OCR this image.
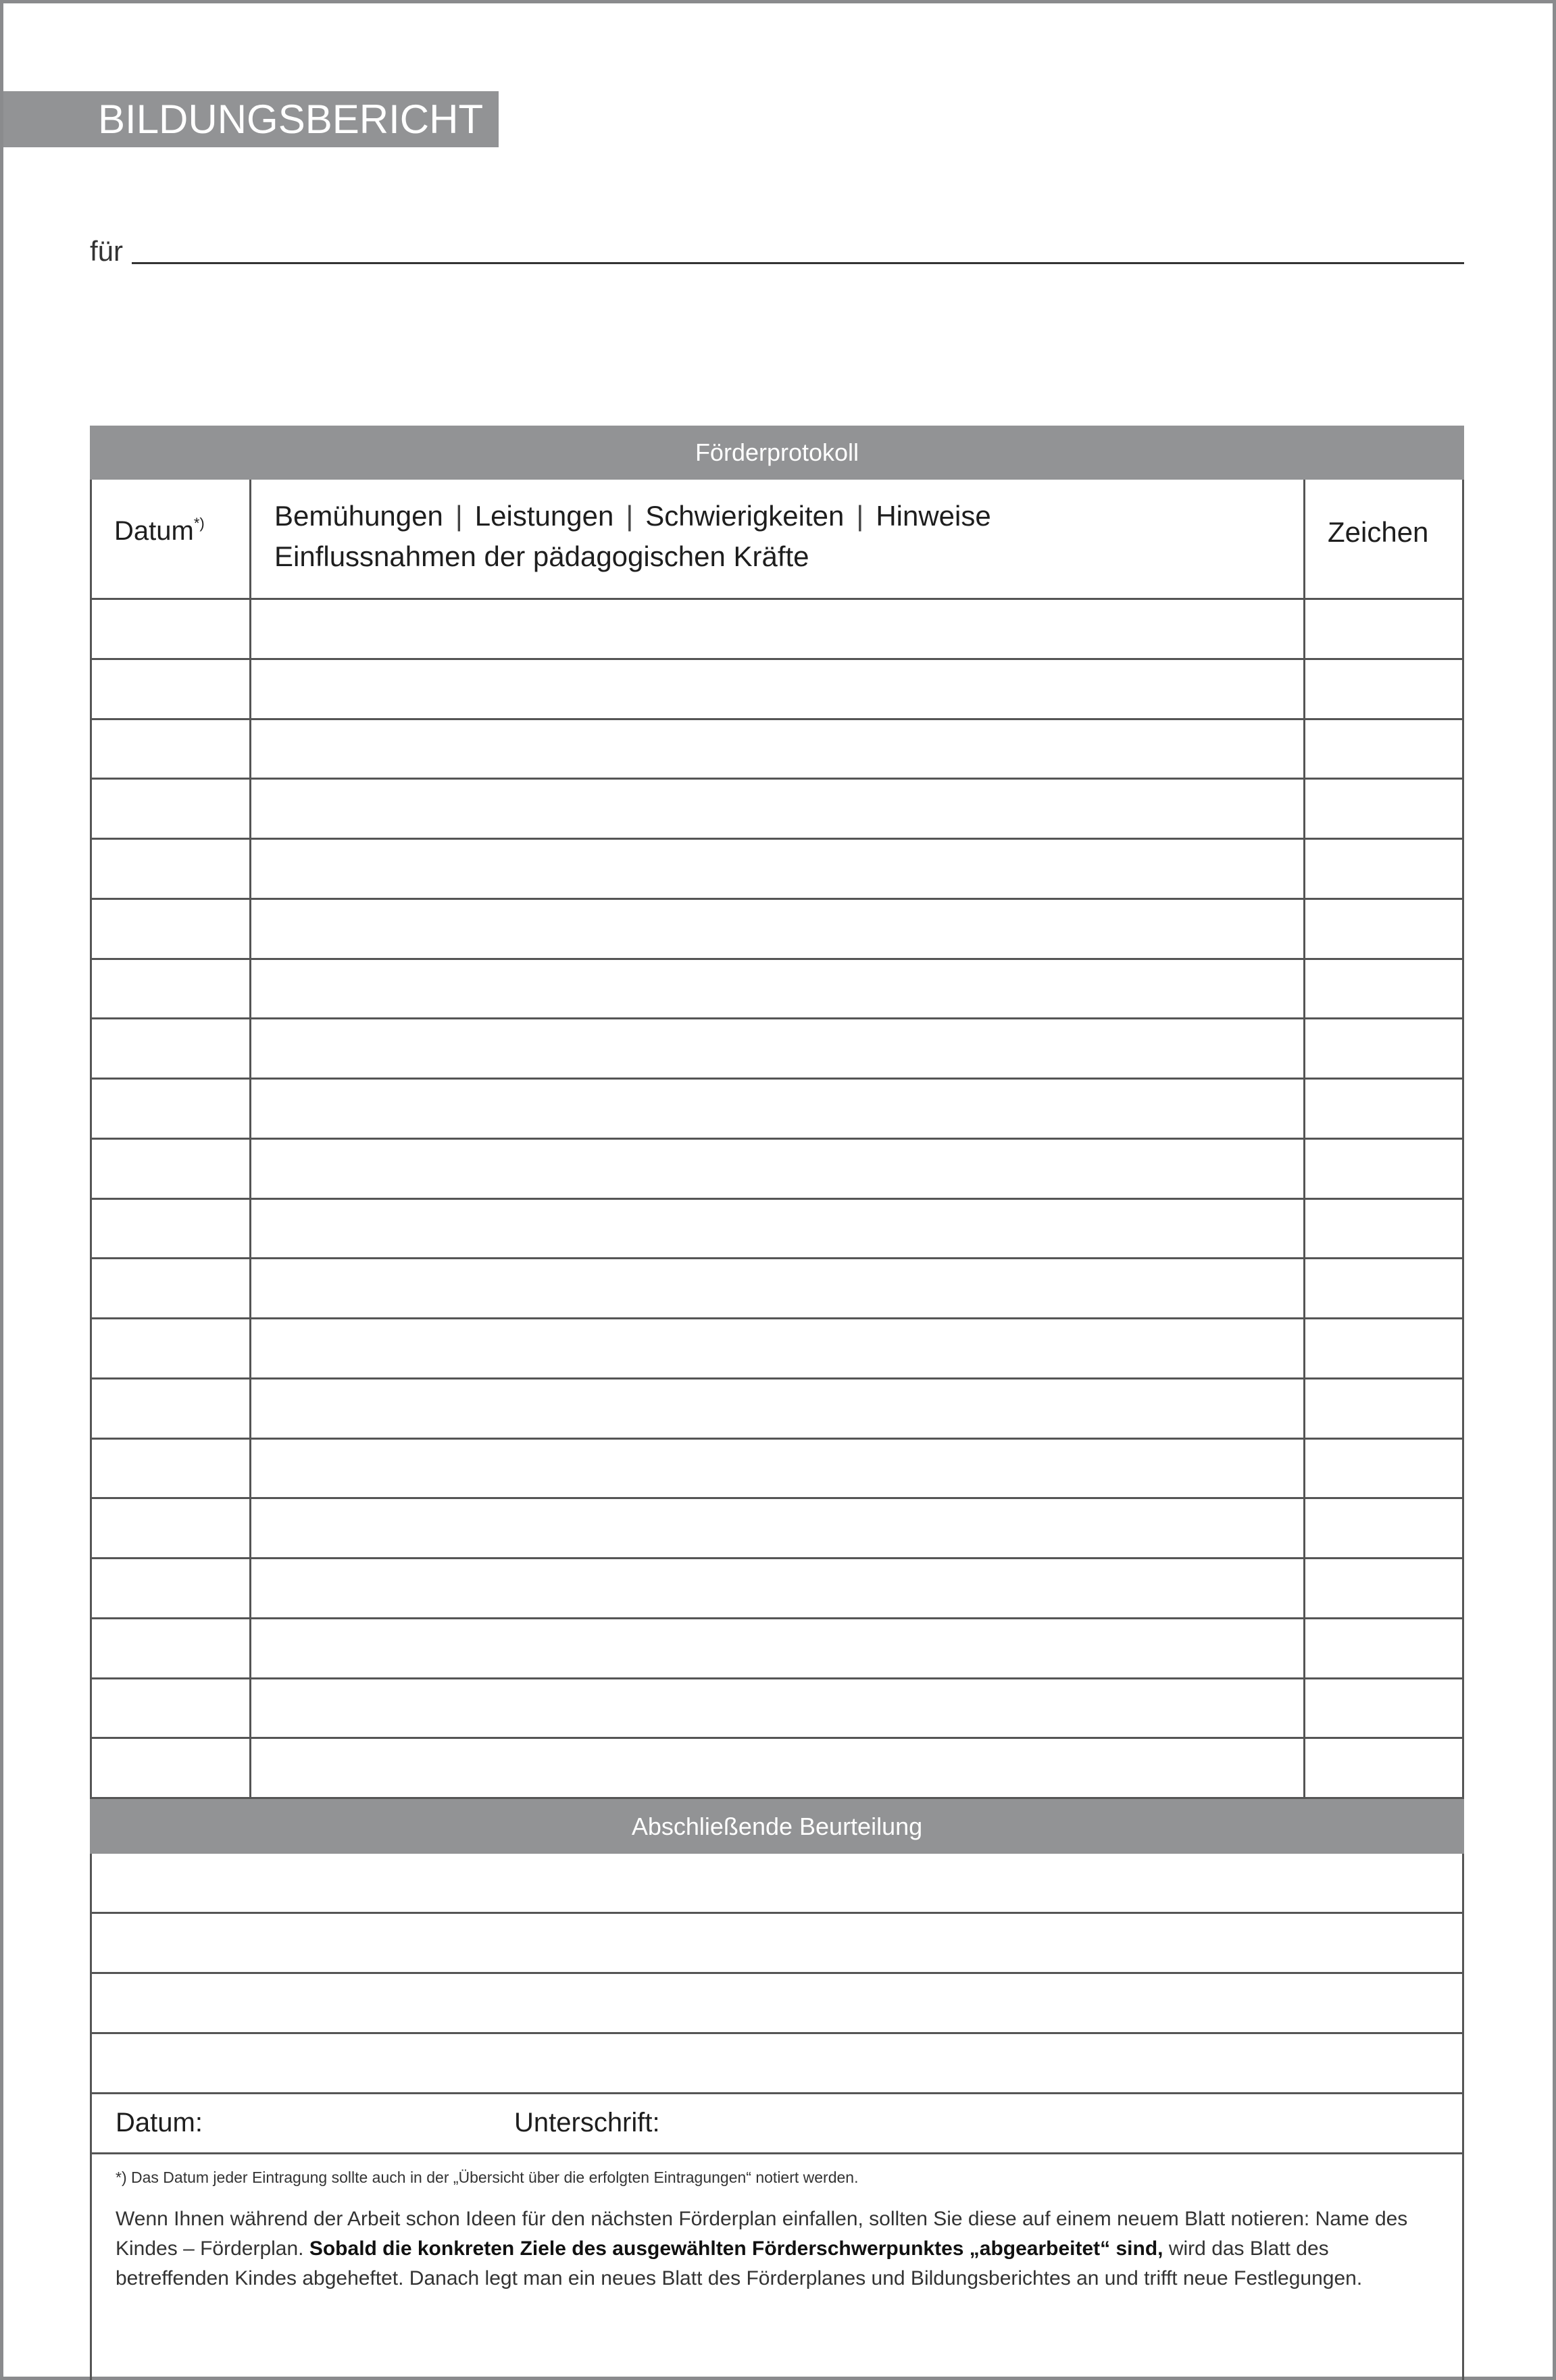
BILDUNGSBERICHT
für
Förderprotokoll
Datum*) Bemühungen | Leistungen | Schwierigkeiten | Hinweise
Einflussnahmen der pädagogischen Kräfte
Zeichen
Abschließende Beurteilung
Datum:	Unterschrift:
*) Das Datum jeder Eintragung sollte auch in der „Übersicht über die erfolgten Eintragungen“ notiert werden.
Wenn Ihnen während der Arbeit schon Ideen für den nächsten Förderplan einfallen, sollten Sie diese auf einem neuem Blatt notieren: Name des Kindes – Förderplan. Sobald die konkreten Ziele des ausgewählten Förderschwerpunktes „abgearbeitet“ sind, wird das Blatt des betreffenden Kindes abgeheftet. Danach legt man ein neues Blatt des Förderplanes und Bildungsberichtes an und trifft neue Festlegungen.
